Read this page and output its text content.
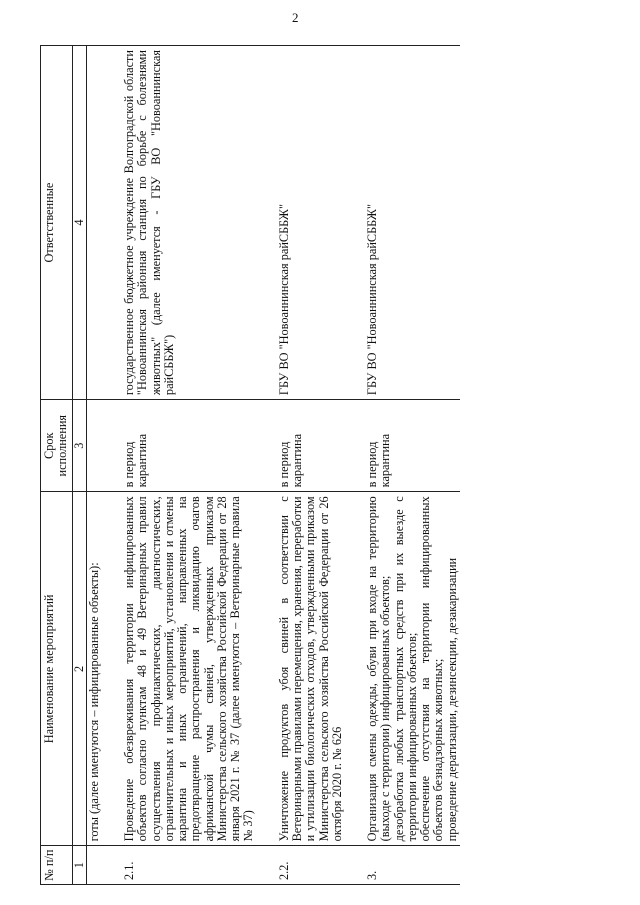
2
№ п/п	Наименование мероприятий	Срок исполнения	Ответственные
1	2	3	4
	готы (далее именуются – инфицированные объекты):		

2.1.	Проведение обезвреживания территории инфицированных объектов согласно пунктам 48 и 49 Ветеринарных правил осуществления профилактических, диагностических, ограничительных и иных мероприятий, установления и отмены карантина и иных ограничений, направленных на предотвращение распространения и ликвидацию очагов африканской чумы свиней, утвержденных приказом Министерства сельского хозяйства Российской Федерации от 28 января 2021 г. № 37 (далее именуются – Ветеринарные правила № 37)	в период карантина	государственное бюджетное учреждение Волгоградской области "Новоаннинская районная станция по борьбе с болезнями животных" (далее именуется - ГБУ ВО "Новоаннинская райСББЖ")

2.2.	Уничтожение продуктов убоя свиней в соответствии с Ветеринарными правилами перемещения, хранения, переработки и утилизации биологических отходов, утвержденными приказом Министерства сельского хозяйства Российской Федерации от 26 октября 2020 г. № 626	в период карантина	ГБУ ВО "Новоаннинская райСББЖ"

3.	Организация смены одежды, обуви при входе на территорию (выходе с территории) инфицированных объектов; дезобработка любых транспортных средств при их выезде с территории инфицированных объектов; обеспечение отсутствия на территории инфицированных объектов безнадзорных животных; проведение дератизации, дезинсекции, дезакаризации	в период карантина	ГБУ ВО "Новоаннинская райСББЖ"
